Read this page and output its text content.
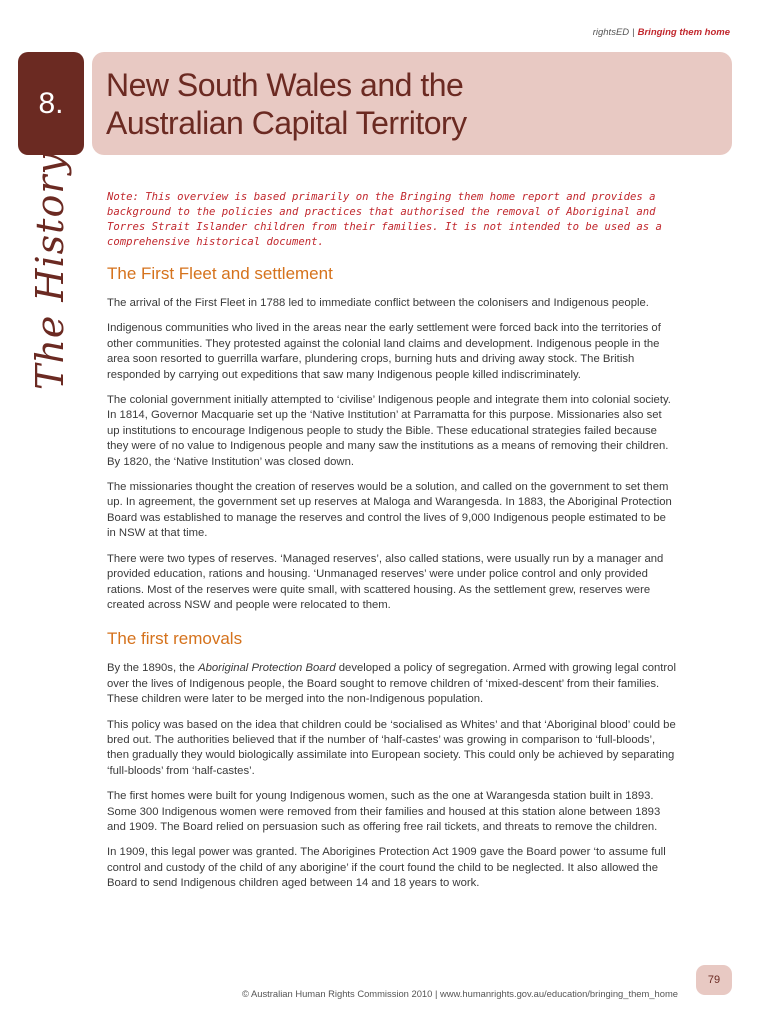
rightsED | Bringing them home
8. New South Wales and the
Australian Capital Territory
The History	Note: This overview is based primarily on the Bringing them home report and provides a background to the policies and practices that authorised the removal of Aboriginal and Torres Strait Islander children from their families. It is not intended to be used as a comprehensive historical document.

The First Fleet and settlement

The arrival of the First Fleet in 1788 led to immediate conflict between the colonisers and Indigenous people.

Indigenous communities who lived in the areas near the early settlement were forced back into the territories of other communities. They protested against the colonial land claims and development. Indigenous people in the area soon resorted to guerrilla warfare, plundering crops, burning huts and driving away stock. The British responded by carrying out expeditions that saw many Indigenous people killed indiscriminately.

The colonial government initially attempted to ‘civilise’ Indigenous people and integrate them into colonial society. In 1814, Governor Macquarie set up the ‘Native Institution’ at Parramatta for this purpose. Missionaries also set up institutions to encourage Indigenous people to study the Bible. These educational strategies failed because they were of no value to Indigenous people and many saw the institutions as a means of removing their children. By 1820, the ‘Native Institution’ was closed down.

The missionaries thought the creation of reserves would be a solution, and called on the government to set them up. In agreement, the government set up reserves at Maloga and Warangesda. In 1883, the Aboriginal Protection Board was established to manage the reserves and control the lives of 9,000 Indigenous people estimated to be in NSW at that time.

There were two types of reserves. ‘Managed reserves’, also called stations, were usually run by a manager and provided education, rations and housing. ‘Unmanaged reserves’ were under police control and only provided rations. Most of the reserves were quite small, with scattered housing. As the settlement grew, reserves were created across NSW and people were relocated to them.

The first removals

By the 1890s, the Aboriginal Protection Board developed a policy of segregation. Armed with growing legal control over the lives of Indigenous people, the Board sought to remove children of ‘mixed-descent’ from their families. These children were later to be merged into the non-Indigenous population.

This policy was based on the idea that children could be ‘socialised as Whites’ and that ‘Aboriginal blood’ could be bred out. The authorities believed that if the number of ‘half-castes’ was growing in comparison to ‘full-bloods’, then gradually they would biologically assimilate into European society. This could only be achieved by separating ‘full-bloods’ from ‘half-castes’.

The first homes were built for young Indigenous women, such as the one at Warangesda station built in 1893. Some 300 Indigenous women were removed from their families and housed at this station alone between 1893 and 1909. The Board relied on persuasion such as offering free rail tickets, and threats to remove the children.

In 1909, this legal power was granted. The Aborigines Protection Act 1909 gave the Board power ‘to assume full control and custody of the child of any aborigine’ if the court found the child to be neglected. It also allowed the Board to send Indigenous children aged between 14 and 18 years to work.

79
© Australian Human Rights Commission 2010 | www.humanrights.gov.au/education/bringing_them_home
